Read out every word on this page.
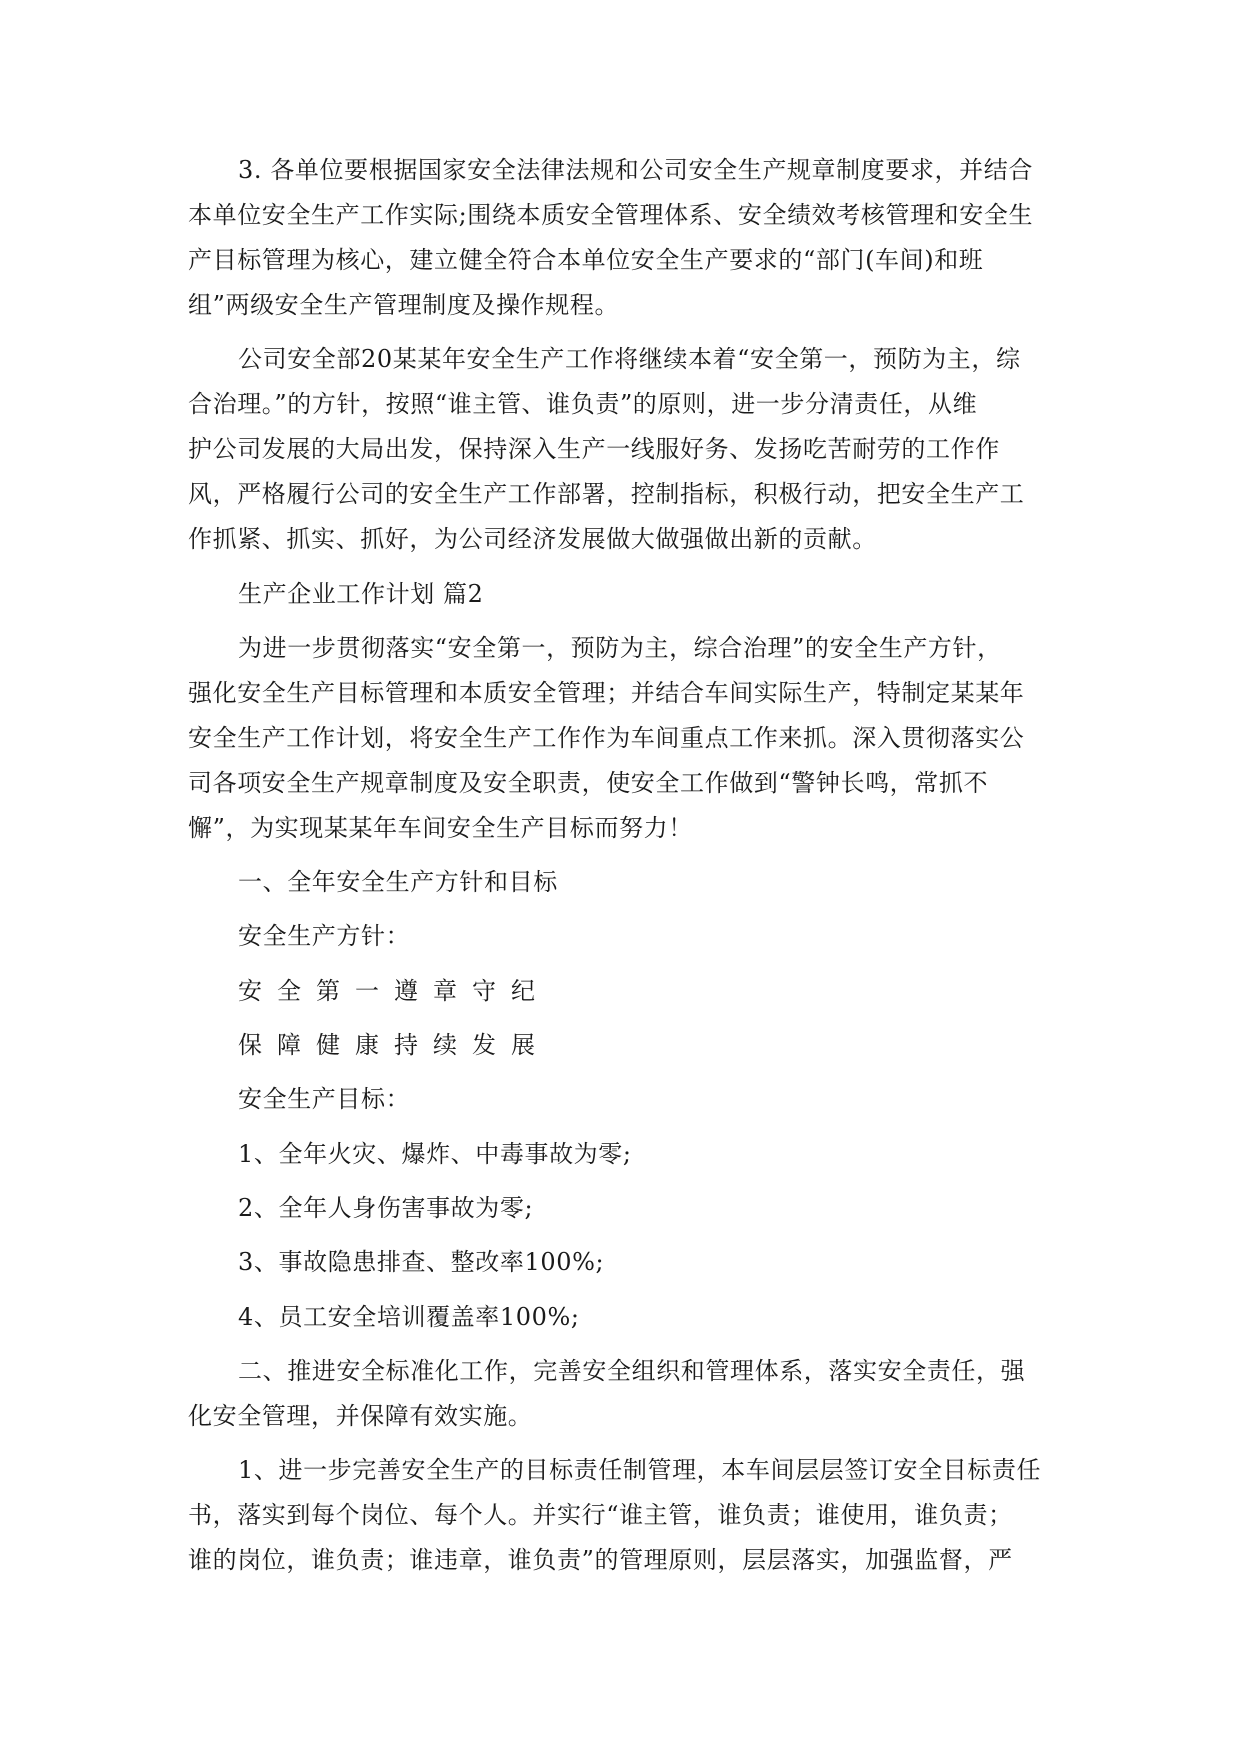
3. 各单位要根据国家安全法律法规和公司安全生产规章制度要求，并结合
本单位安全生产工作实际;围绕本质安全管理体系、安全绩效考核管理和安全生
产目标管理为核心，建立健全符合本单位安全生产要求的“部门(车间)和班
组”两级安全生产管理制度及操作规程。
公司安全部20某某年安全生产工作将继续本着“安全第一，预防为主，综
合治理。”的方针，按照“谁主管、谁负责”的原则，进一步分清责任，从维
护公司发展的大局出发，保持深入生产一线服好务、发扬吃苦耐劳的工作作
风，严格履行公司的安全生产工作部署，控制指标，积极行动，把安全生产工
作抓紧、抓实、抓好，为公司经济发展做大做强做出新的贡献。
生产企业工作计划 篇2
为进一步贯彻落实“安全第一，预防为主，综合治理”的安全生产方针，
强化安全生产目标管理和本质安全管理；并结合车间实际生产，特制定某某年
安全生产工作计划，将安全生产工作作为车间重点工作来抓。深入贯彻落实公
司各项安全生产规章制度及安全职责，使安全工作做到“警钟长鸣，常抓不
懈”，为实现某某年车间安全生产目标而努力！
一、全年安全生产方针和目标
安全生产方针：
安全第一遵章守纪
保障健康持续发展
安全生产目标：
1、全年火灾、爆炸、中毒事故为零;
2、全年人身伤害事故为零;
3、事故隐患排查、整改率100%;
4、员工安全培训覆盖率100%;
二、推进安全标准化工作，完善安全组织和管理体系，落实安全责任，强
化安全管理，并保障有效实施。
1、进一步完善安全生产的目标责任制管理，本车间层层签订安全目标责任
书，落实到每个岗位、每个人。并实行“谁主管，谁负责；谁使用，谁负责；
谁的岗位，谁负责；谁违章，谁负责”的管理原则，层层落实，加强监督，严
